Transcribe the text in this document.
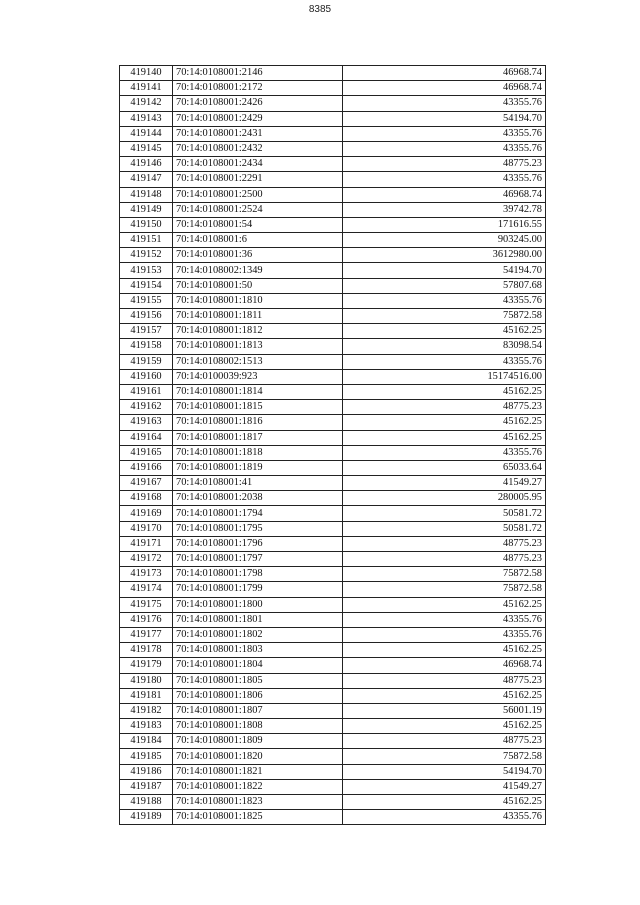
8385
419140	70:14:0108001:2146	46968.74
419141	70:14:0108001:2172	46968.74
419142	70:14:0108001:2426	43355.76
419143	70:14:0108001:2429	54194.70
419144	70:14:0108001:2431	43355.76
419145	70:14:0108001:2432	43355.76
419146	70:14:0108001:2434	48775.23
419147	70:14:0108001:2291	43355.76
419148	70:14:0108001:2500	46968.74
419149	70:14:0108001:2524	39742.78
419150	70:14:0108001:54	171616.55
419151	70:14:0108001:6	903245.00
419152	70:14:0108001:36	3612980.00
419153	70:14:0108002:1349	54194.70
419154	70:14:0108001:50	57807.68
419155	70:14:0108001:1810	43355.76
419156	70:14:0108001:1811	75872.58
419157	70:14:0108001:1812	45162.25
419158	70:14:0108001:1813	83098.54
419159	70:14:0108002:1513	43355.76
419160	70:14:0100039:923	15174516.00
419161	70:14:0108001:1814	45162.25
419162	70:14:0108001:1815	48775.23
419163	70:14:0108001:1816	45162.25
419164	70:14:0108001:1817	45162.25
419165	70:14:0108001:1818	43355.76
419166	70:14:0108001:1819	65033.64
419167	70:14:0108001:41	41549.27
419168	70:14:0108001:2038	280005.95
419169	70:14:0108001:1794	50581.72
419170	70:14:0108001:1795	50581.72
419171	70:14:0108001:1796	48775.23
419172	70:14:0108001:1797	48775.23
419173	70:14:0108001:1798	75872.58
419174	70:14:0108001:1799	75872.58
419175	70:14:0108001:1800	45162.25
419176	70:14:0108001:1801	43355.76
419177	70:14:0108001:1802	43355.76
419178	70:14:0108001:1803	45162.25
419179	70:14:0108001:1804	46968.74
419180	70:14:0108001:1805	48775.23
419181	70:14:0108001:1806	45162.25
419182	70:14:0108001:1807	56001.19
419183	70:14:0108001:1808	45162.25
419184	70:14:0108001:1809	48775.23
419185	70:14:0108001:1820	75872.58
419186	70:14:0108001:1821	54194.70
419187	70:14:0108001:1822	41549.27
419188	70:14:0108001:1823	45162.25
419189	70:14:0108001:1825	43355.76
